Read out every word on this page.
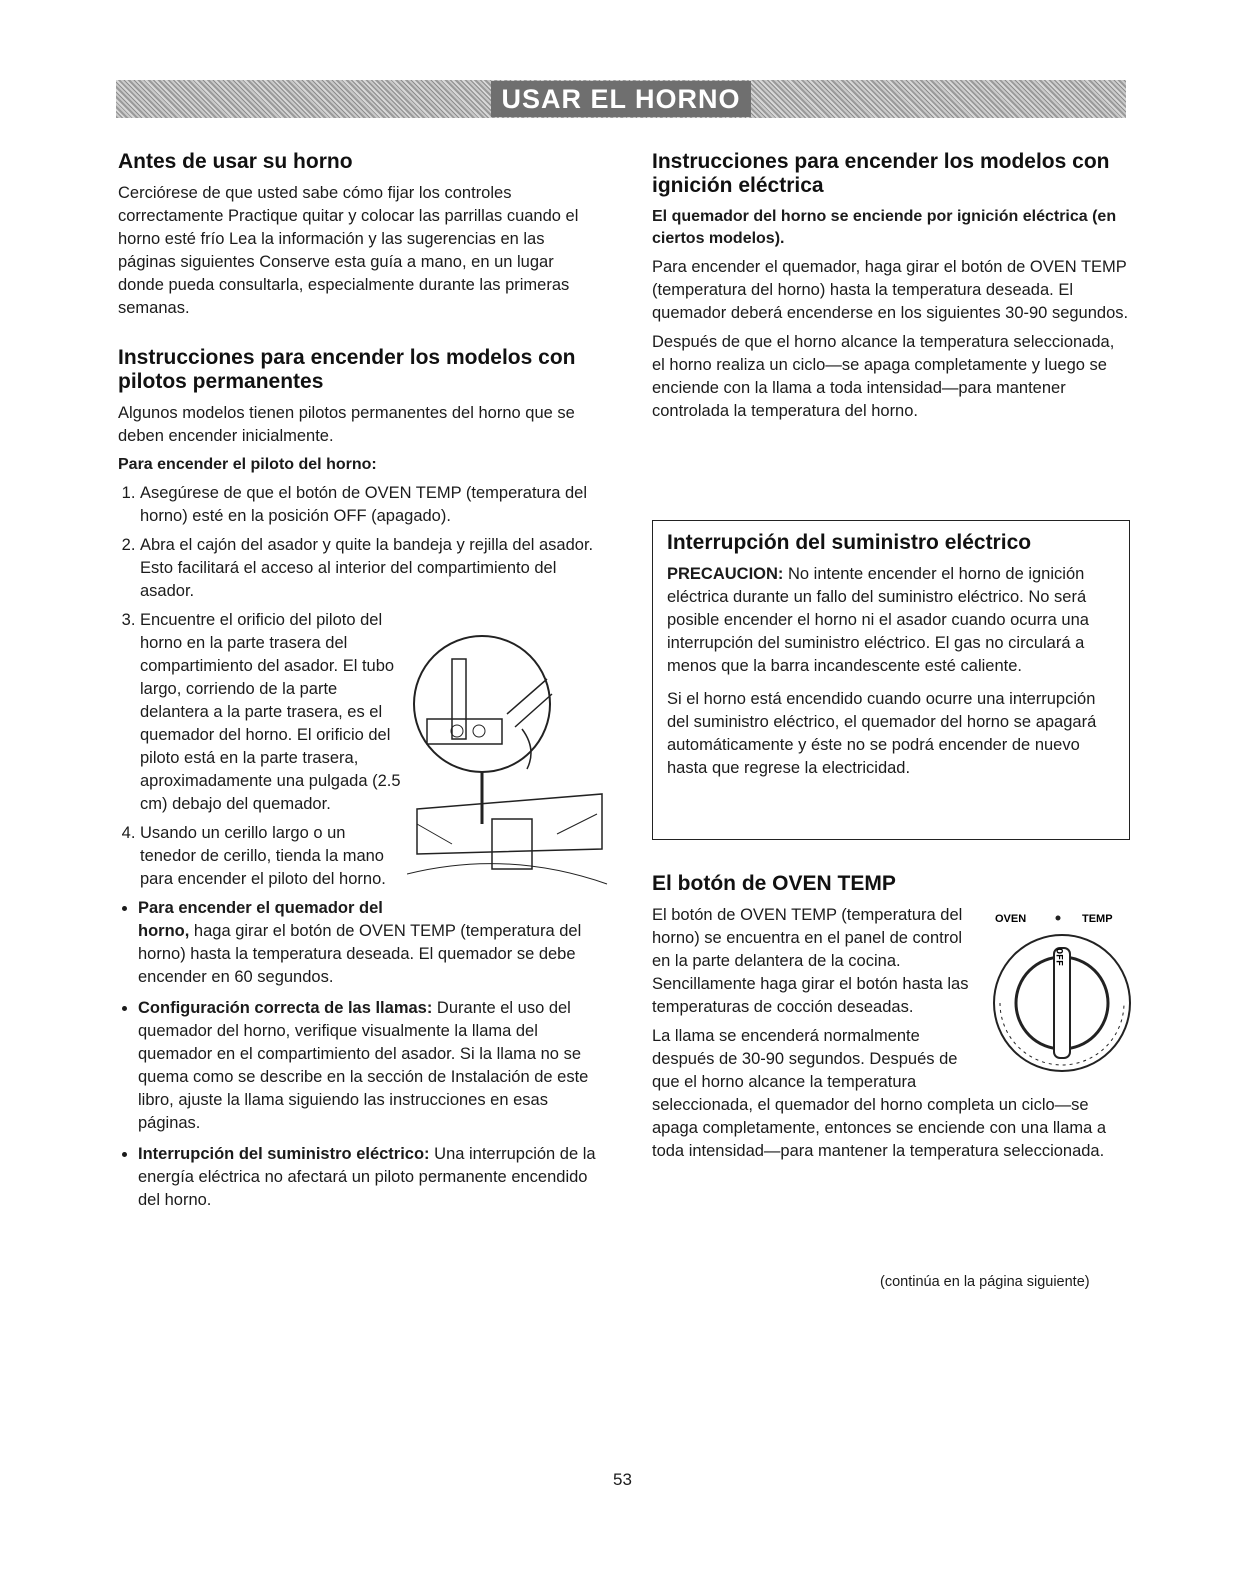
USAR EL HORNO
Antes de usar su horno

Cerciórese de que usted sabe cómo fijar los controles correctamente Practique quitar y colocar las parrillas cuando el horno esté frío Lea la información y las sugerencias en las páginas siguientes Conserve esta guía a mano, en un lugar donde pueda consultarla, especialmente durante las primeras semanas.

Instrucciones para encender los modelos con pilotos permanentes

Algunos modelos tienen pilotos permanentes del horno que se deben encender inicialmente.

Para encender el piloto del horno:
1. Asegúrese de que el botón de OVEN TEMP (temperatura del horno) esté en la posición OFF (apagado).
2. Abra el cajón del asador y quite la bandeja y rejilla del asador. Esto facilitará el acceso al interior del compartimiento del asador.
3. Encuentre el orificio del piloto del horno en la parte trasera del compartimiento del asador. El tubo largo, corriendo de la parte delantera a la parte trasera, es el quemador del horno. El orificio del piloto está en la parte trasera, aproximadamente una pulgada (2.5 cm) debajo del quemador.
4. Usando un cerillo largo o un tenedor de cerillo, tienda la mano para encender el piloto del horno.
• Para encender el quemador del horno, haga girar el botón de OVEN TEMP (temperatura del horno) hasta la temperatura deseada. El quemador se debe encender en 60 segundos.
• Configuración correcta de las llamas: Durante el uso del quemador del horno, verifique visualmente la llama del quemador en el compartimiento del asador. Si la llama no se quema como se describe en la sección de Instalación de este libro, ajuste la llama siguiendo las instrucciones en esas páginas.
• Interrupción del suministro eléctrico: Una interrupción de la energía eléctrica no afectará un piloto permanente encendido del horno.
Instrucciones para encender los modelos con ignición eléctrica
El quemador del horno se enciende por ignición eléctrica (en ciertos modelos).

Para encender el quemador, haga girar el botón de OVEN TEMP (temperatura del horno) hasta la temperatura deseada. El quemador deberá encenderse en los siguientes 30-90 segundos.

Después de que el horno alcance la temperatura seleccionada, el horno realiza un ciclo—se apaga completamente y luego se enciende con la llama a toda intensidad—para mantener controlada la temperatura del horno.

Interrupción del suministro eléctrico

PRECAUCION: No intente encender el horno de ignición eléctrica durante un fallo del suministro eléctrico. No será posible encender el horno ni el asador cuando ocurra una interrupción del suministro eléctrico. El gas no circulará a menos que la barra incandescente esté caliente.

Si el horno está encendido cuando ocurre una interrupción del suministro eléctrico, el quemador del horno se apagará automáticamente y éste no se podrá encender de nuevo hasta que regrese la electricidad.

El botón de OVEN TEMP
OVEN	TEMP
OFF

El botón de OVEN TEMP (temperatura del horno) se encuentra en el panel de control en la parte delantera de la cocina. Sencillamente haga girar el botón hasta las temperaturas de cocción deseadas.

La llama se encenderá normalmente después de 30-90 segundos. Después de que el horno alcance la temperatura seleccionada, el quemador del horno completa un ciclo—se apaga completamente, entonces se enciende con una llama a toda intensidad—para mantener la temperatura seleccionada.

(continúa en la página siguiente)
53
